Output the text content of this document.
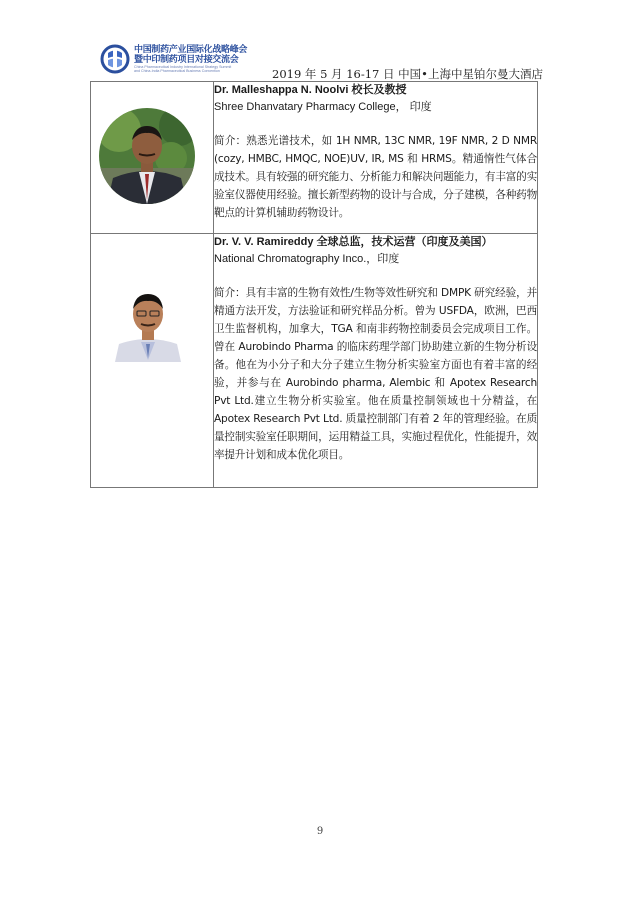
中国制药产业国际化战略峰会
暨中印制药项目对接交流会
China Pharmaceutical Industry International Strategy Summit
and China-India Pharmaceutical Business Convention	2019 年 5 月 16-17 日 中国•上海中星铂尔曼大酒店

Dr. Malleshappa N. Noolvi 校长及教授
Shree Dhanvatary Pharmacy College， 印度
简介：熟悉光谱技术，如 1H NMR, 13C NMR, 19F NMR, 2 D NMR (cozy, HMBC, HMQC, NOE)UV, IR, MS 和 HRMS。精通惰性气体合成技术。具有较强的研究能力、分析能力和解决问题能力，有丰富的实验室仪器使用经验。擅长新型药物的设计与合成，分子建模，各种药物靶点的计算机辅助药物设计。

Dr. V. V. Ramireddy 全球总监，技术运营（印度及美国）
National Chromatography Inco.，印度
简介：具有丰富的生物有效性/生物等效性研究和 DMPK 研究经验，并精通方法开发，方法验证和研究样品分析。曾为 USFDA，欧洲，巴西卫生监督机构，加拿大，TGA 和南非药物控制委员会完成项目工作。曾在 Aurobindo Pharma 的临床药理学部门协助建立新的生物分析设备。他在为小分子和大分子建立生物分析实验室方面也有着丰富的经验，并参与在 Aurobindo pharma, Alembic 和 Apotex Research Pvt Ltd.建立生物分析实验室。他在质量控制领域也十分精益，在 Apotex Research Pvt Ltd. 质量控制部门有着 2 年的管理经验。在质量控制实验室任职期间，运用精益工具，实施过程优化，性能提升，效率提升计划和成本优化项目。
9
